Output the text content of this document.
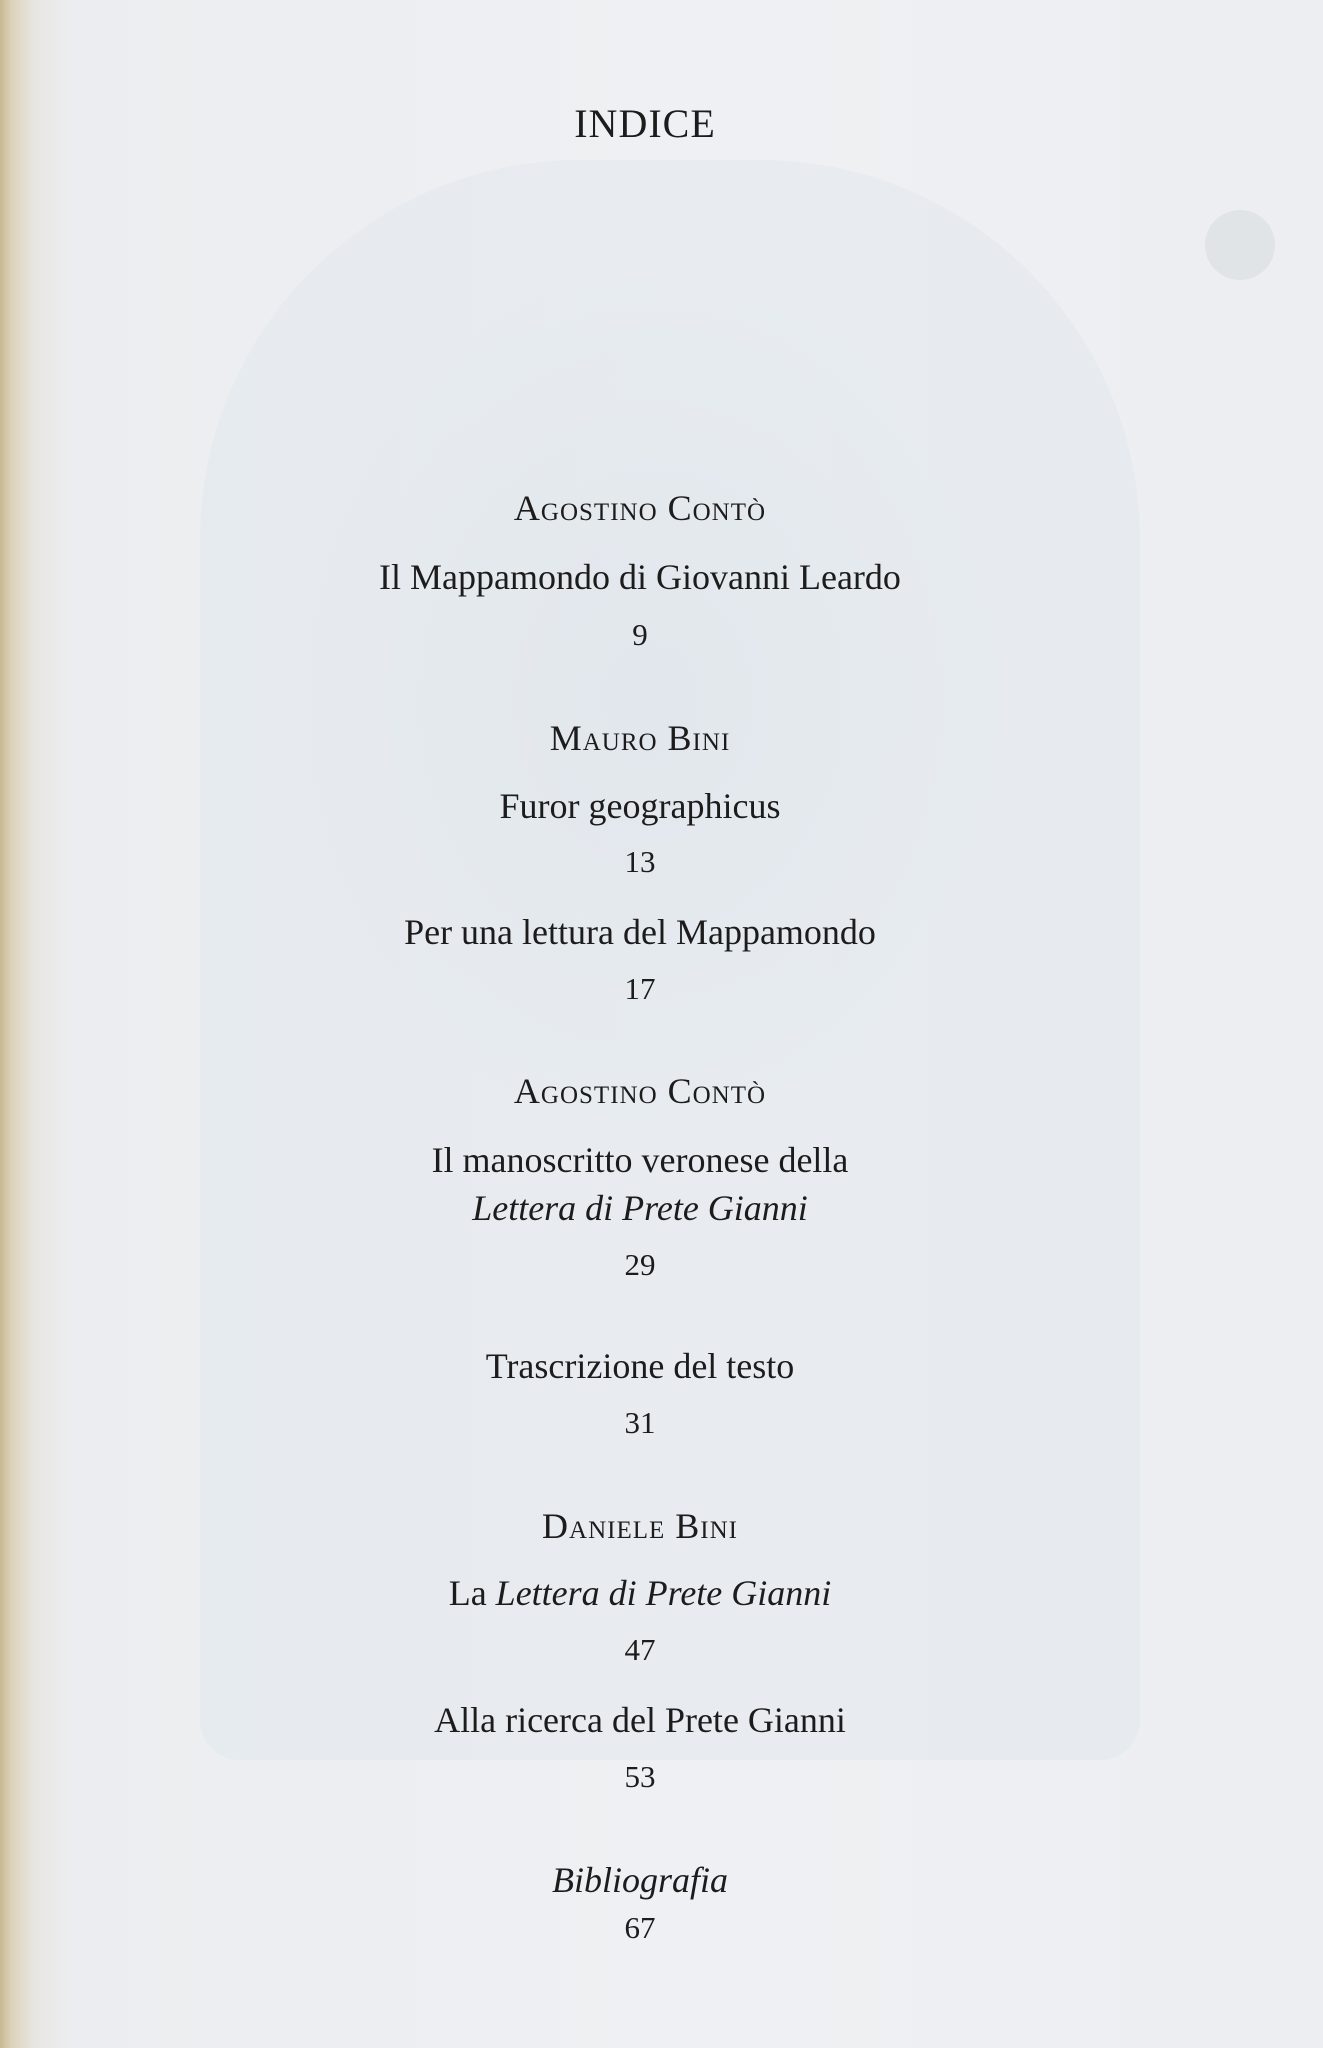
INDICE
Agostino Contò
Il Mappamondo di Giovanni Leardo
9
Mauro Bini
Furor geographicus
13
Per una lettura del Mappamondo
17
Agostino Contò
Il manoscritto veronese della
Lettera di Prete Gianni
29
Trascrizione del testo
31
Daniele Bini
La Lettera di Prete Gianni
47
Alla ricerca del Prete Gianni
53
Bibliografia
67
